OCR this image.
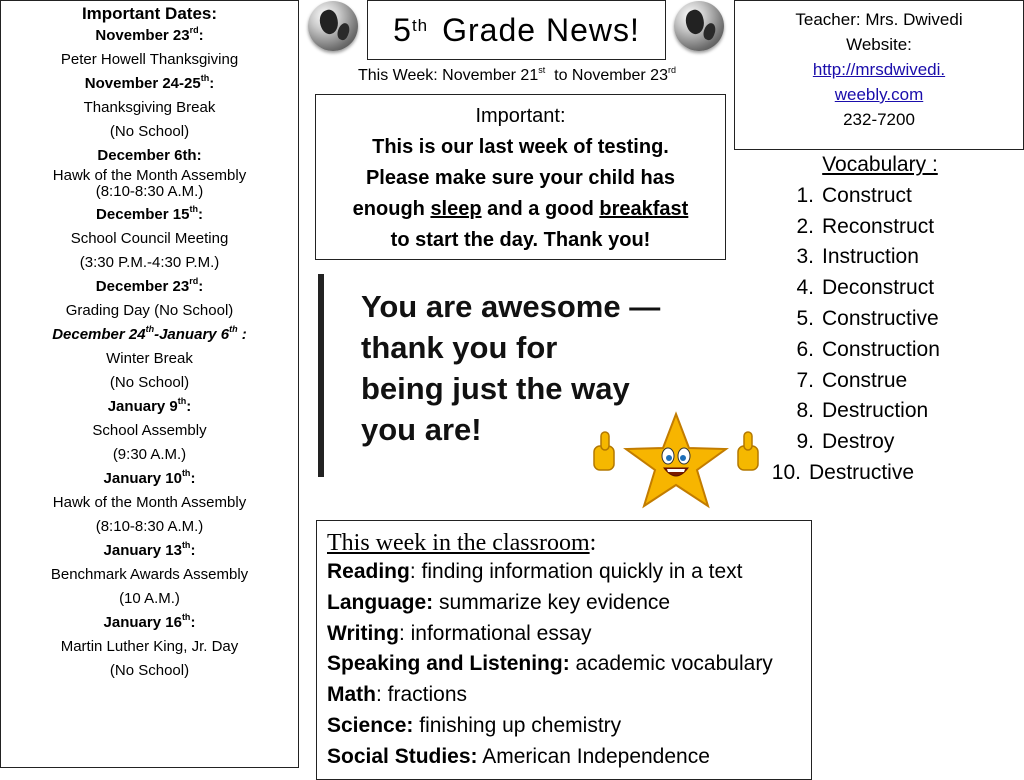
Important Dates:
November 23rd:
Peter Howell Thanksgiving
November 24-25th:
Thanksgiving Break
(No School)
December 6th:
Hawk of the Month Assembly
(8:10-8:30 A.M.)
December 15th:
School Council Meeting
(3:30 P.M.-4:30 P.M.)
December 23rd:
Grading Day (No School)
December 24th-January 6th :
Winter Break
(No School)
January 9th:
School Assembly
(9:30 A.M.)
January 10th:
Hawk of the Month Assembly
(8:10-8:30 A.M.)
January 13th:
Benchmark Awards Assembly
(10 A.M.)
January 16th:
Martin Luther King, Jr. Day
(No School)
5th Grade News!
This Week: November 21st  to November 23rd
Teacher: Mrs. Dwivedi
Website:
http://mrsdwivedi.
weebly.com
232-7200
Important:
This is our last week of testing.
Please make sure your child has
enough sleep and a good breakfast
to start the day. Thank you!
You are awesome —
thank you for
being just the way
you are!
Vocabulary :
1. Construct
2. Reconstruct
3. Instruction
4. Deconstruct
5. Constructive
6. Construction
7. Construe
8. Destruction
9. Destroy
10. Destructive
This week in the classroom:
Reading: finding information quickly in a text
Language: summarize key evidence
Writing: informational essay
Speaking and Listening: academic vocabulary
Math: fractions
Science: finishing up chemistry
Social Studies: American Independence
